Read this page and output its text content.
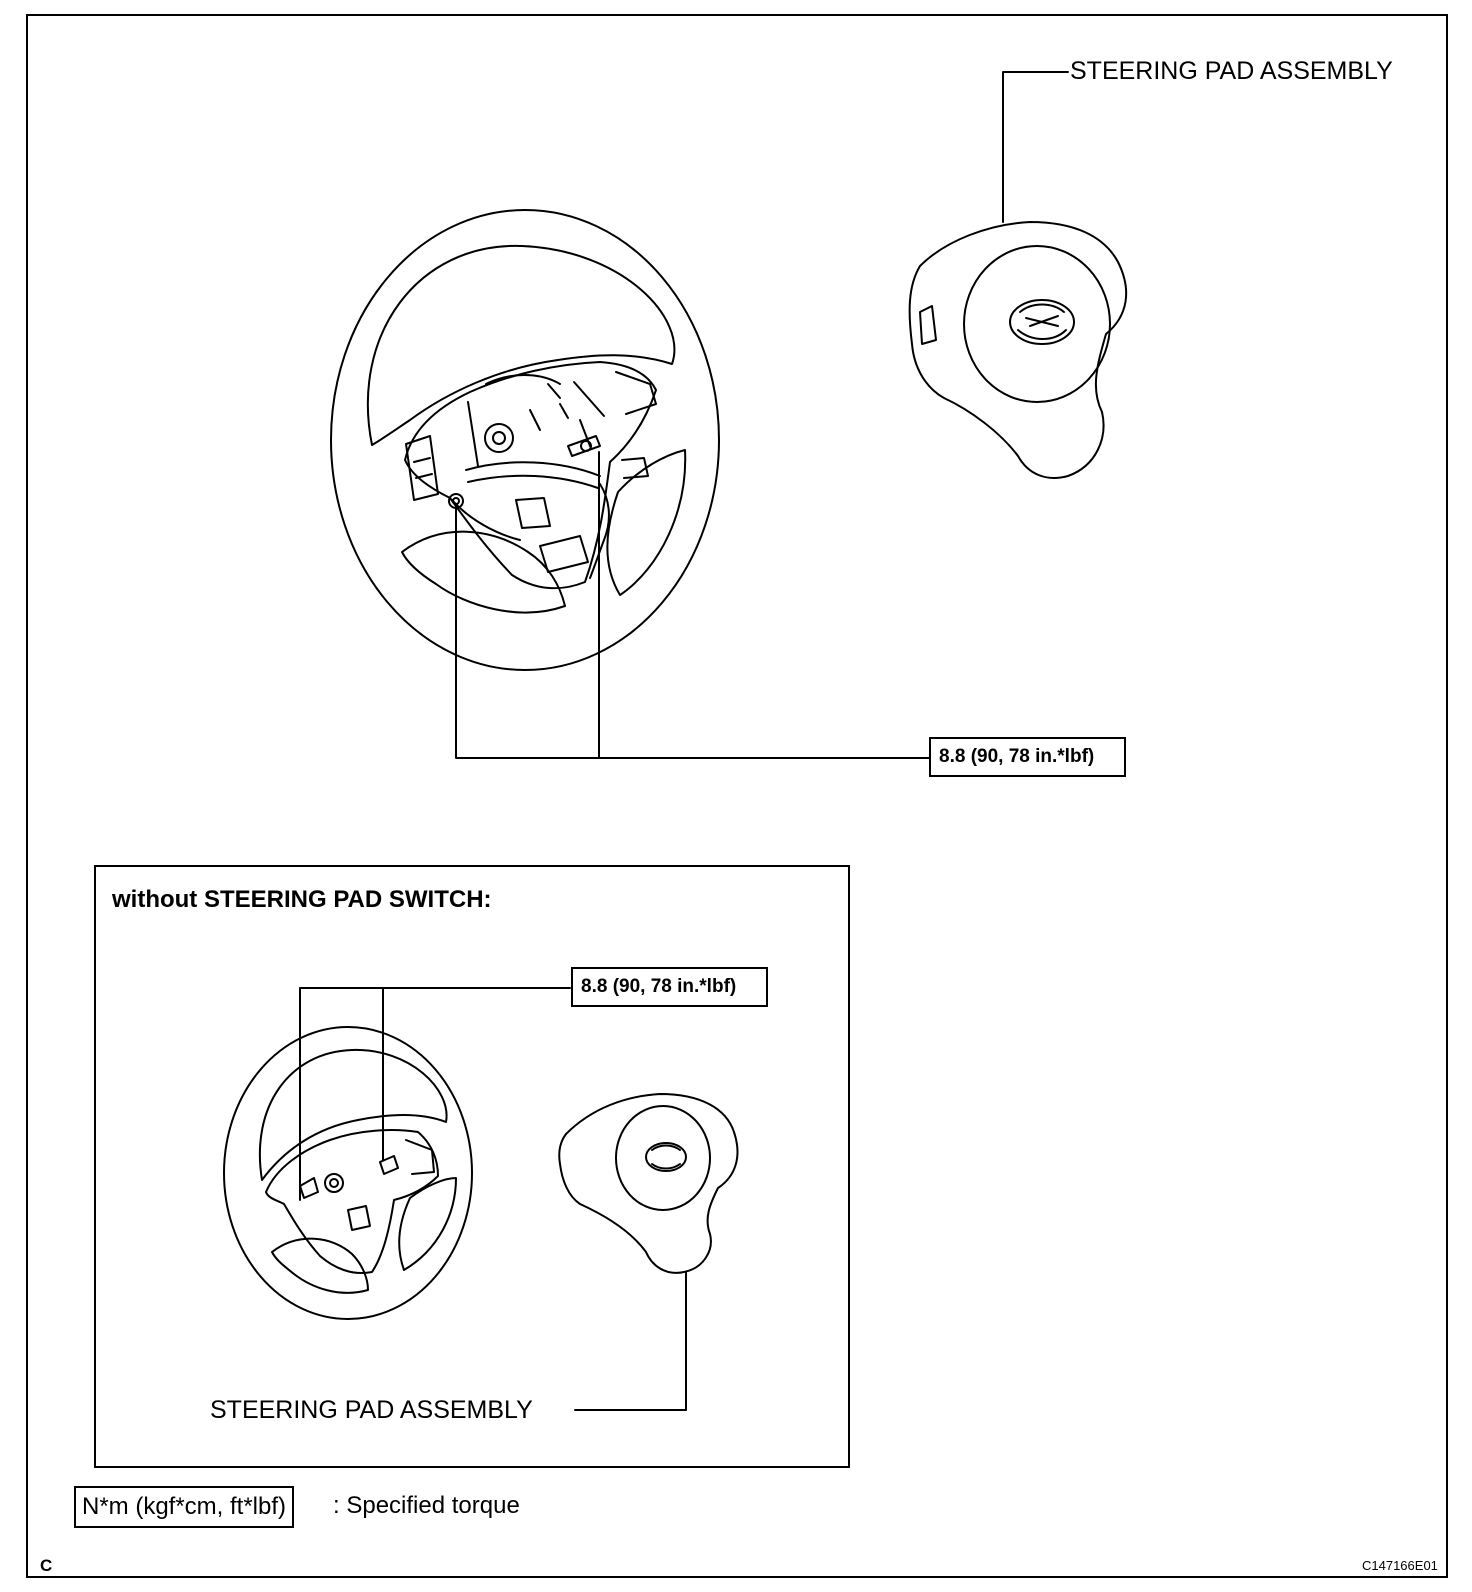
STEERING PAD ASSEMBLY
8.8 (90, 78 in.*lbf)
without STEERING PAD SWITCH:
8.8 (90, 78 in.*lbf)
STEERING PAD ASSEMBLY
N*m (kgf*cm, ft*lbf)	: Specified torque
C	C147166E01
